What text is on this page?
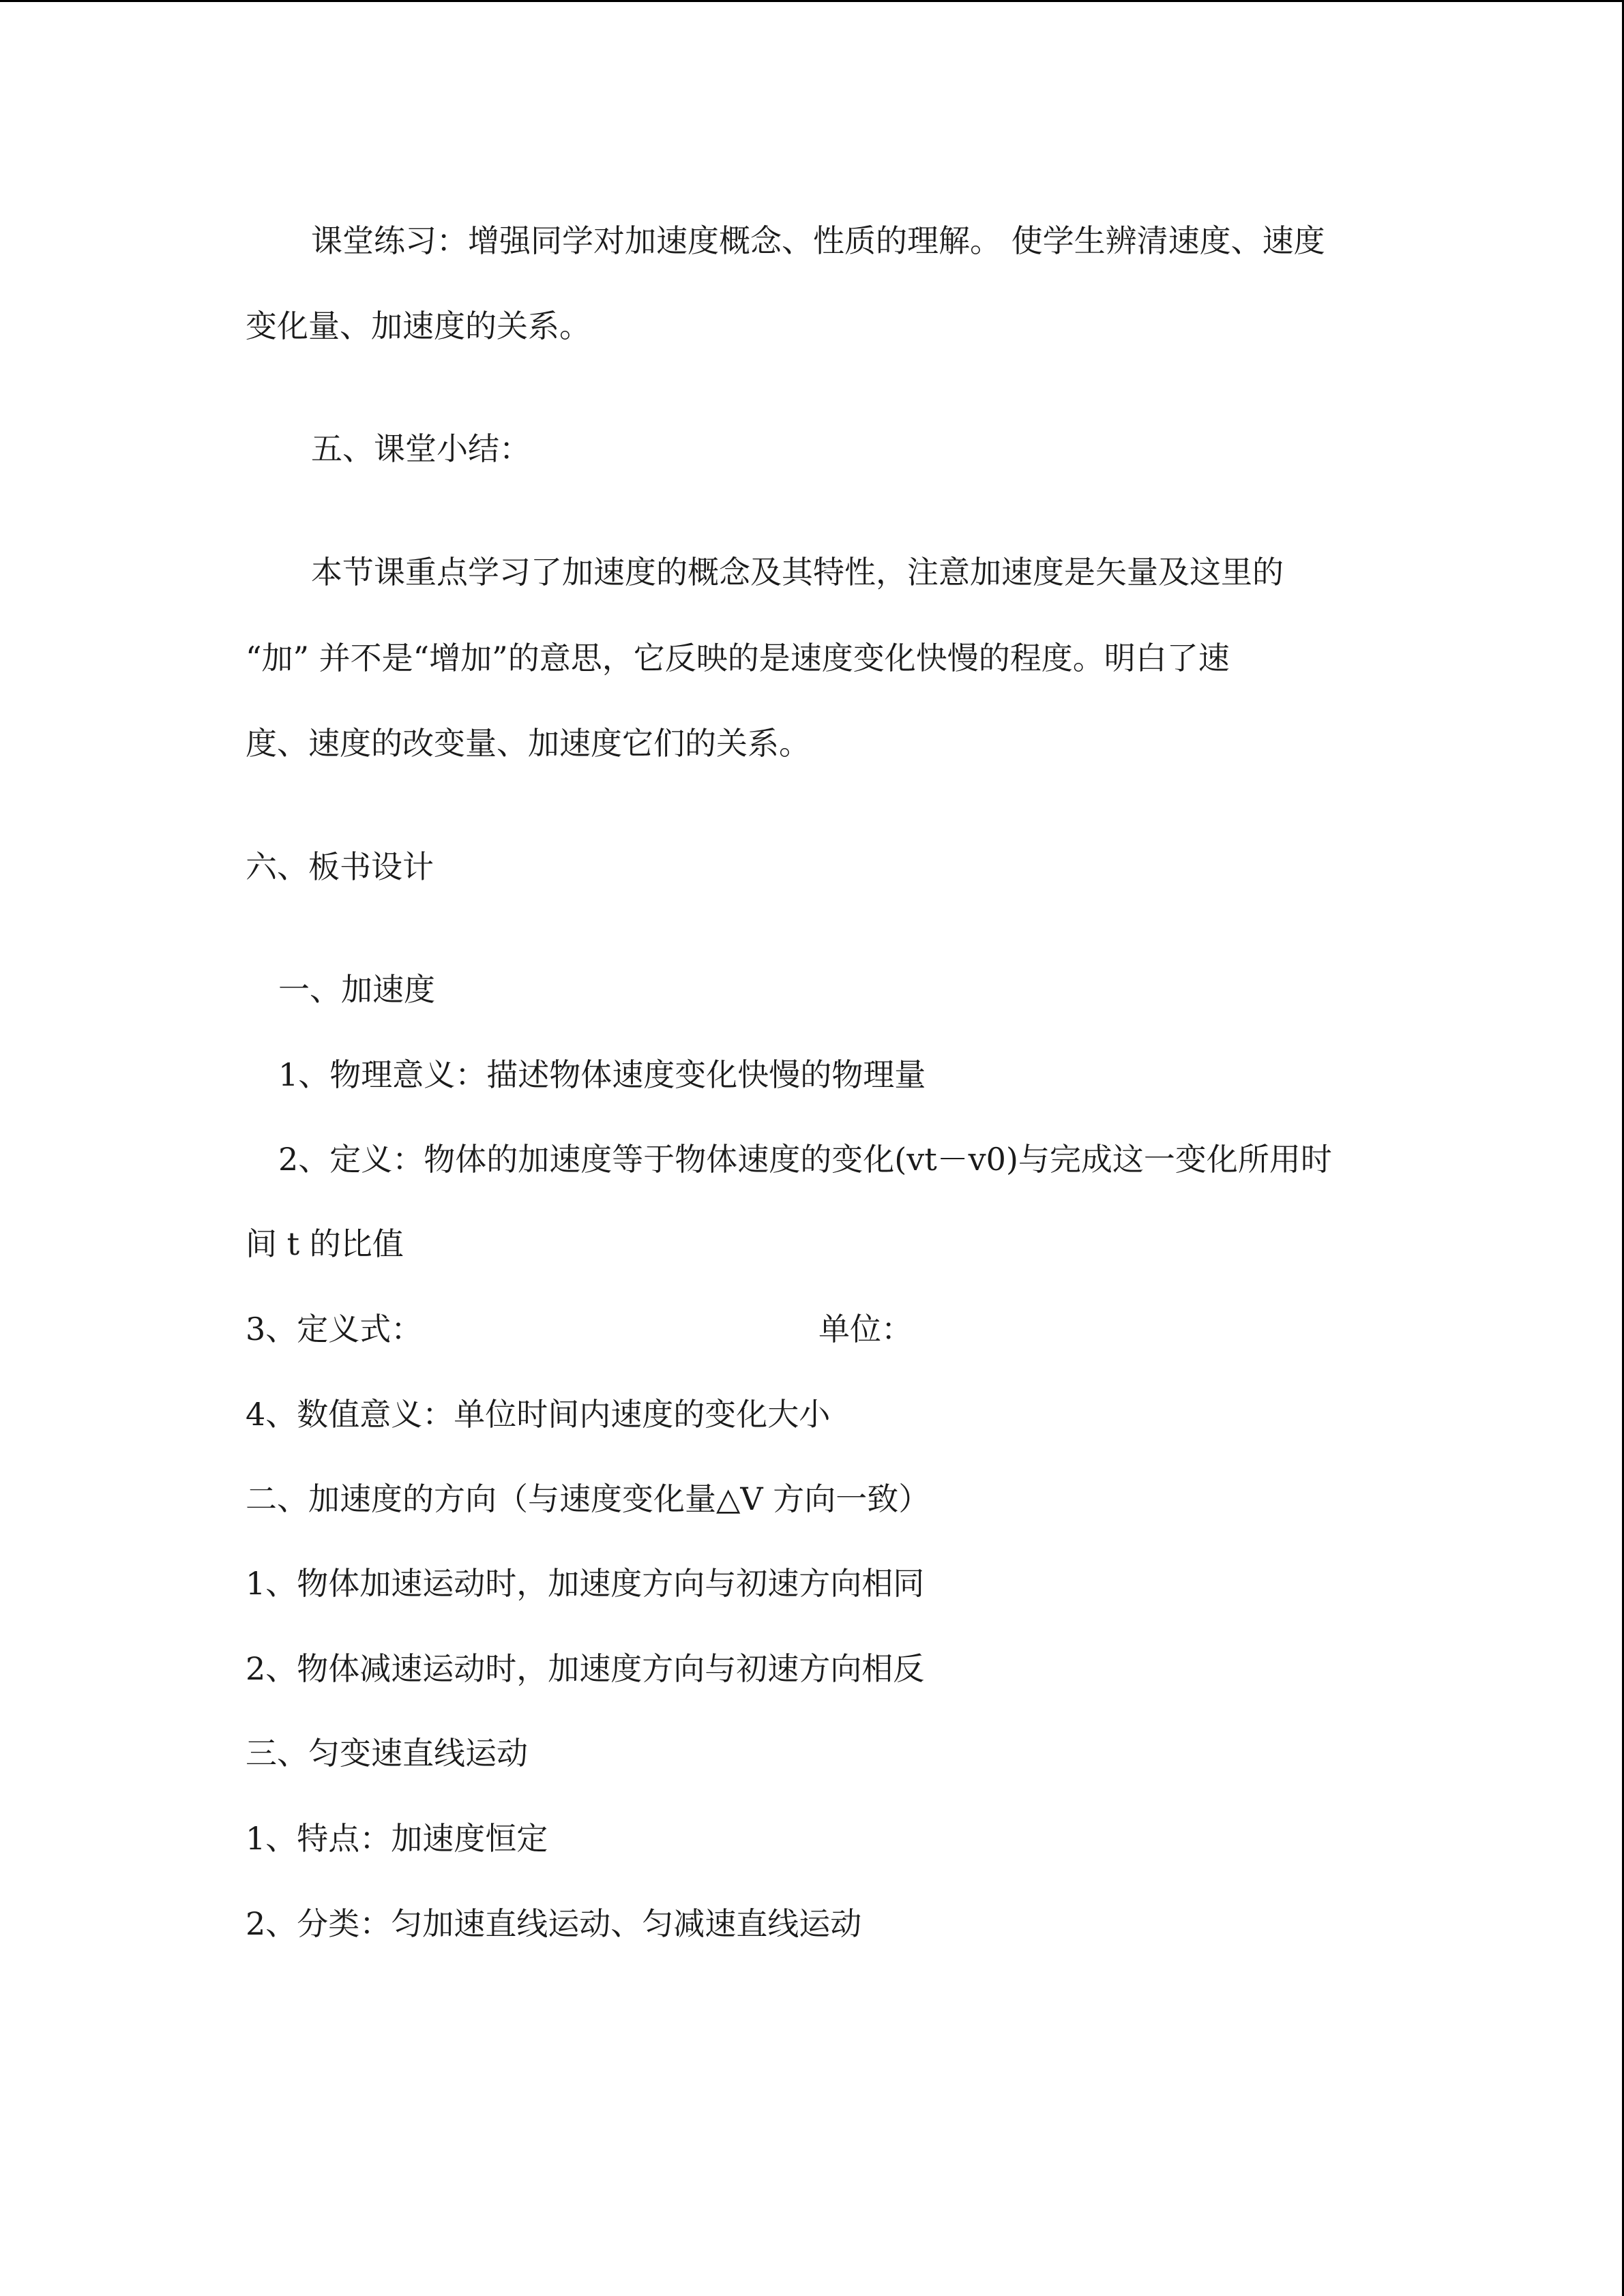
课堂练习：增强同学对加速度概念、性质的理解。 使学生辨清速度、速度
变化量、加速度的关系。
五、课堂小结：
本节课重点学习了加速度的概念及其特性，注意加速度是矢量及这里的
“加” 并不是“增加”的意思，它反映的是速度变化快慢的程度。明白了速
度、速度的改变量、加速度它们的关系。
六、板书设计
一、加速度
1、物理意义：描述物体速度变化快慢的物理量
2、定义：物体的加速度等于物体速度的变化(vt－v0)与完成这一变化所用时
间 t 的比值
3、定义式：	单位：
4、数值意义：单位时间内速度的变化大小
二、加速度的方向（与速度变化量△V 方向一致）
1、物体加速运动时，加速度方向与初速方向相同
2、物体减速运动时，加速度方向与初速方向相反
三、匀变速直线运动
1、特点：加速度恒定
2、分类：匀加速直线运动、匀减速直线运动
